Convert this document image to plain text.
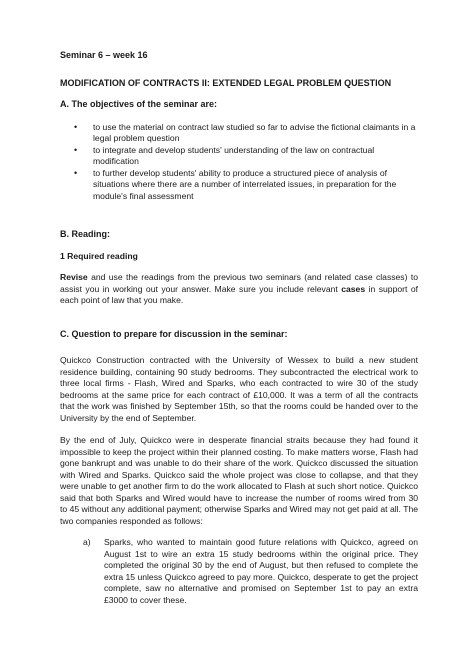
Seminar 6 – week 16

MODIFICATION OF CONTRACTS II: EXTENDED LEGAL PROBLEM QUESTION

A. The objectives of the seminar are:

• to use the material on contract law studied so far to advise the fictional claimants in a legal problem question
• to integrate and develop students' understanding of the law on contractual modification
• to further develop students' ability to produce a structured piece of analysis of situations where there are a number of interrelated issues, in preparation for the module's final assessment

B. Reading:

1 Required reading

Revise and use the readings from the previous two seminars (and related case classes) to assist you in working out your answer. Make sure you include relevant cases in support of each point of law that you make.

C. Question to prepare for discussion in the seminar:

Quickco Construction contracted with the University of Wessex to build a new student residence building, containing 90 study bedrooms. They subcontracted the electrical work to three local firms - Flash, Wired and Sparks, who each contracted to wire 30 of the study bedrooms at the same price for each contract of £10,000. It was a term of all the contracts that the work was finished by September 15th, so that the rooms could be handed over to the University by the end of September.

By the end of July, Quickco were in desperate financial straits because they had found it impossible to keep the project within their planned costing. To make matters worse, Flash had gone bankrupt and was unable to do their share of the work. Quickco discussed the situation with Wired and Sparks. Quickco said the whole project was close to collapse, and that they were unable to get another firm to do the work allocated to Flash at such short notice. Quickco said that both Sparks and Wired would have to increase the number of rooms wired from 30 to 45 without any additional payment; otherwise Sparks and Wired may not get paid at all. The two companies responded as follows:

a) Sparks, who wanted to maintain good future relations with Quickco, agreed on August 1st to wire an extra 15 study bedrooms within the original price. They completed the original 30 by the end of August, but then refused to complete the extra 15 unless Quickco agreed to pay more. Quickco, desperate to get the project complete, saw no alternative and promised on September 1st to pay an extra £3000 to cover these.
